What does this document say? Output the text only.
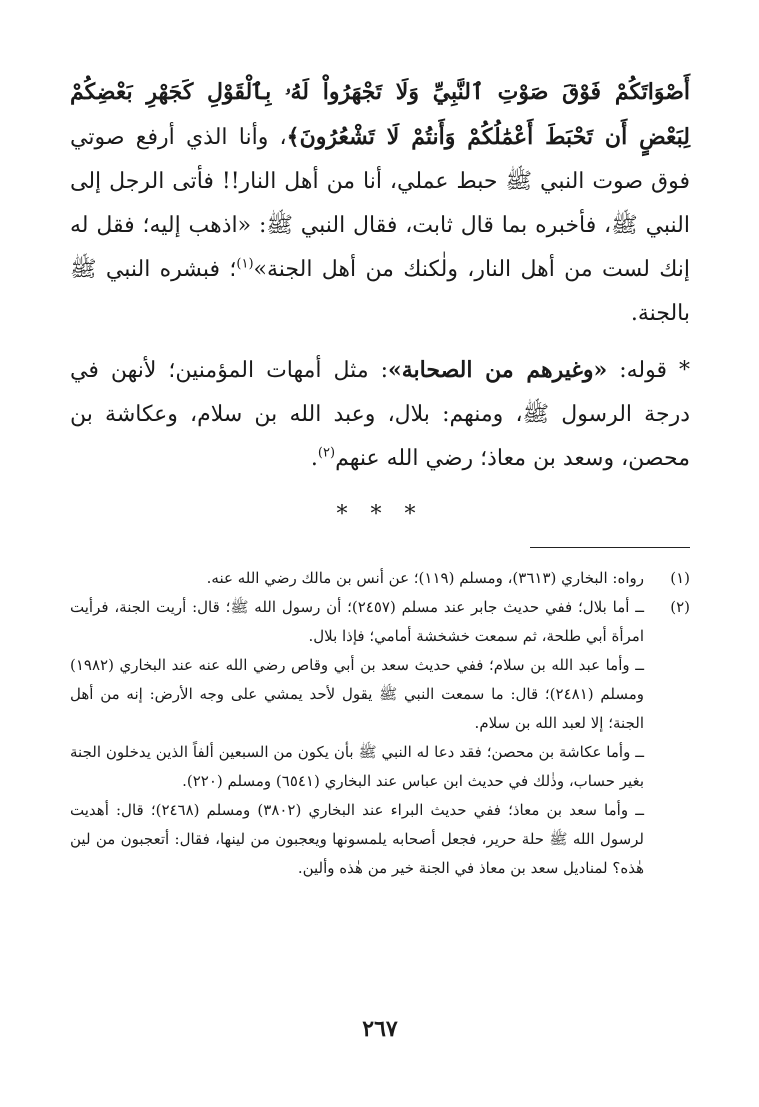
أَصْوَاتَكُمْ فَوْقَ صَوْتِ ٱلنَّبِيِّ وَلَا تَجْهَرُواْ لَهُۥ بِٱلْقَوْلِ كَجَهْرِ بَعْضِكُمْ لِبَعْضٍ أَن تَحْبَطَ أَعْمَٰلُكُمْ وَأَنتُمْ لَا تَشْعُرُونَ﴾، وأنا الذي أرفع صوتي فوق صوت النبي ﷺ حبط عملي، أنا من أهل النار!! فأتى الرجل إلى النبي ﷺ، فأخبره بما قال ثابت، فقال النبي ﷺ: «اذهب إليه؛ فقل له إنك لست من أهل النار، ولٰكنك من أهل الجنة»$^{(١)}$؛ فبشره النبي ﷺ بالجنة.

* قوله: «وغيرهم من الصحابة»: مثل أمهات المؤمنين؛ لأنهن في درجة الرسول ﷺ، ومنهم: بلال، وعبد الله بن سلام، وعكاشة بن محصن، وسعد بن معاذ؛ رضي الله عنهم$^{(٢)}$.

* * *
(١)

رواه: البخاري (٣٦١٣)، ومسلم (١١٩)؛ عن أنس بن مالك رضي الله عنه.

(٢)

ــ أما بلال؛ ففي حديث جابر عند مسلم (٢٤٥٧)؛ أن رسول الله ﷺ؛ قال: أريت الجنة، فرأيت امرأة أبي طلحة، ثم سمعت خشخشة أمامي؛ فإذا بلال.

ــ وأما عبد الله بن سلام؛ ففي حديث سعد بن أبي وقاص رضي الله عنه عند البخاري (١٩٨٢) ومسلم (٢٤٨١)؛ قال: ما سمعت النبي ﷺ يقول لأحد يمشي على وجه الأرض: إنه من أهل الجنة؛ إلا لعبد الله بن سلام.

ــ وأما عكاشة بن محصن؛ فقد دعا له النبي ﷺ بأن يكون من السبعين ألفاً الذين يدخلون الجنة بغير حساب، وذٰلك في حديث ابن عباس عند البخاري (٦٥٤١) ومسلم (٢٢٠).

ــ وأما سعد بن معاذ؛ ففي حديث البراء عند البخاري (٣٨٠٢) ومسلم (٢٤٦٨)؛ قال: أهديت لرسول الله ﷺ حلة حرير، فجعل أصحابه يلمسونها ويعجبون من لينها، فقال: أتعجبون من لين هٰذه؟ لمناديل سعد بن معاذ في الجنة خير من هٰذه وألين.

٢٦٧
